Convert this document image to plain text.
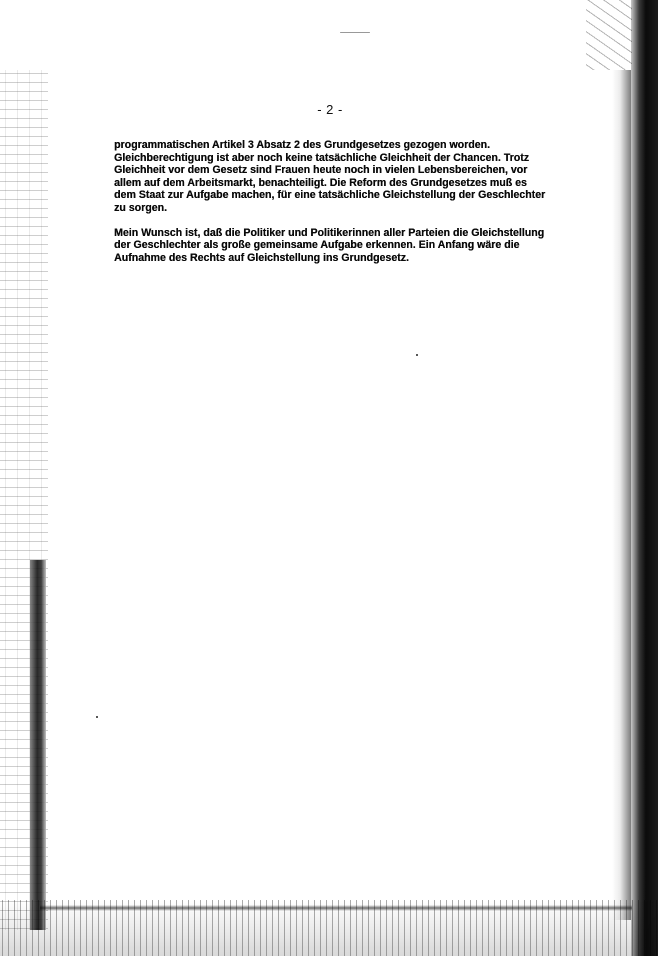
- 2 -
programmatischen Artikel 3 Absatz 2 des Grundgesetzes gezogen worden.
Gleichberechtigung ist aber noch keine tatsächliche Gleichheit der Chancen. Trotz
Gleichheit vor dem Gesetz sind Frauen heute noch in vielen Lebensbereichen, vor
allem auf dem Arbeitsmarkt, benachteiligt. Die Reform des Grundgesetzes muß es
dem Staat zur Aufgabe machen, für eine tatsächliche Gleichstellung der Geschlechter
zu sorgen.
Mein Wunsch ist, daß die Politiker und Politikerinnen aller Parteien die Gleichstellung
der Geschlechter als große gemeinsame Aufgabe erkennen. Ein Anfang wäre die
Aufnahme des Rechts auf Gleichstellung ins Grundgesetz.
